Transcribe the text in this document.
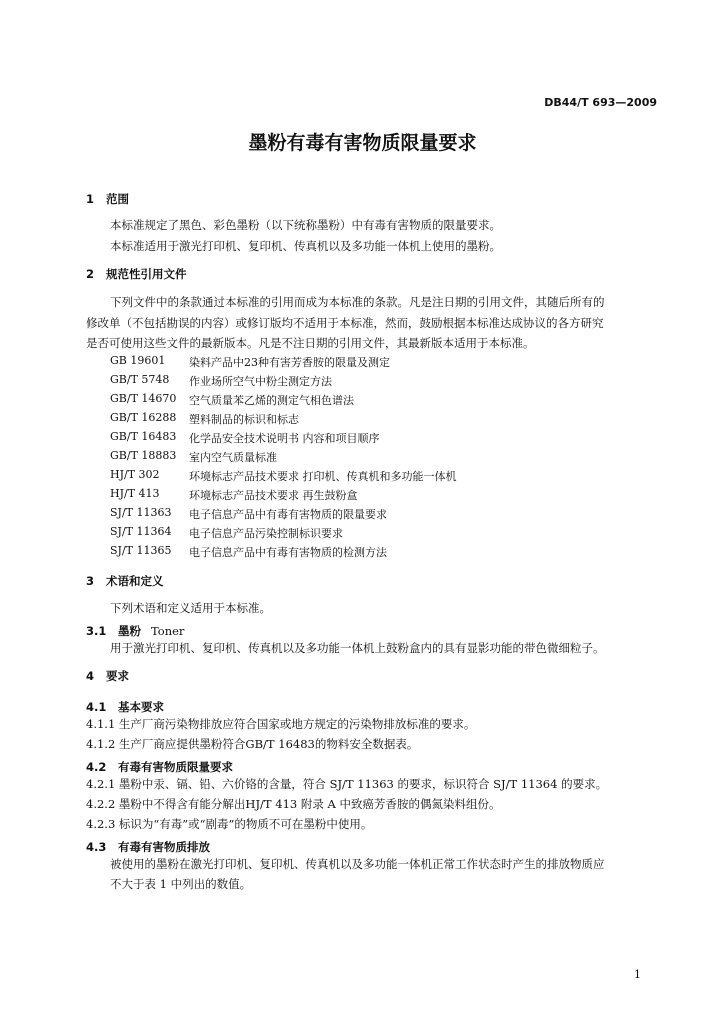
DB44/T 693—2009
墨粉有毒有害物质限量要求
1 范围
本标准规定了黑色、彩色墨粉（以下统称墨粉）中有毒有害物质的限量要求。
本标准适用于激光打印机、复印机、传真机以及多功能一体机上使用的墨粉。
2 规范性引用文件
下列文件中的条款通过本标准的引用而成为本标准的条款。凡是注日期的引用文件，其随后所有的
修改单（不包括勘误的内容）或修订版均不适用于本标准，然而，鼓励根据本标准达成协议的各方研究
是否可使用这些文件的最新版本。凡是不注日期的引用文件，其最新版本适用于本标准。
GB 19601	染料产品中23种有害芳香胺的限量及测定
GB/T 5748	作业场所空气中粉尘测定方法
GB/T 14670	空气质量苯乙烯的测定气相色谱法
GB/T 16288	塑料制品的标识和标志
GB/T 16483	化学品安全技术说明书 内容和项目顺序
GB/T 18883	室内空气质量标准
HJ/T 302	环境标志产品技术要求 打印机、传真机和多功能一体机
HJ/T 413	环境标志产品技术要求 再生鼓粉盒
SJ/T 11363	电子信息产品中有毒有害物质的限量要求
SJ/T 11364	电子信息产品污染控制标识要求
SJ/T 11365	电子信息产品中有毒有害物质的检测方法
3 术语和定义
下列术语和定义适用于本标准。
3.1 墨粉 Toner
用于激光打印机、复印机、传真机以及多功能一体机上鼓粉盒内的具有显影功能的带色微细粒子。
4 要求
4.1 基本要求
4.1.1 生产厂商污染物排放应符合国家或地方规定的污染物排放标准的要求。
4.1.2 生产厂商应提供墨粉符合GB/T 16483的物料安全数据表。
4.2 有毒有害物质限量要求
4.2.1 墨粉中汞、镉、铅、六价铬的含量，符合 SJ/T 11363 的要求，标识符合 SJ/T 11364 的要求。
4.2.2 墨粉中不得含有能分解出HJ/T 413 附录 A 中致癌芳香胺的偶氮染料组份。
4.2.3 标识为“有毒”或“剧毒”的物质不可在墨粉中使用。
4.3 有毒有害物质排放
被使用的墨粉在激光打印机、复印机、传真机以及多功能一体机正常工作状态时产生的排放物质应
不大于表 1 中列出的数值。
1
